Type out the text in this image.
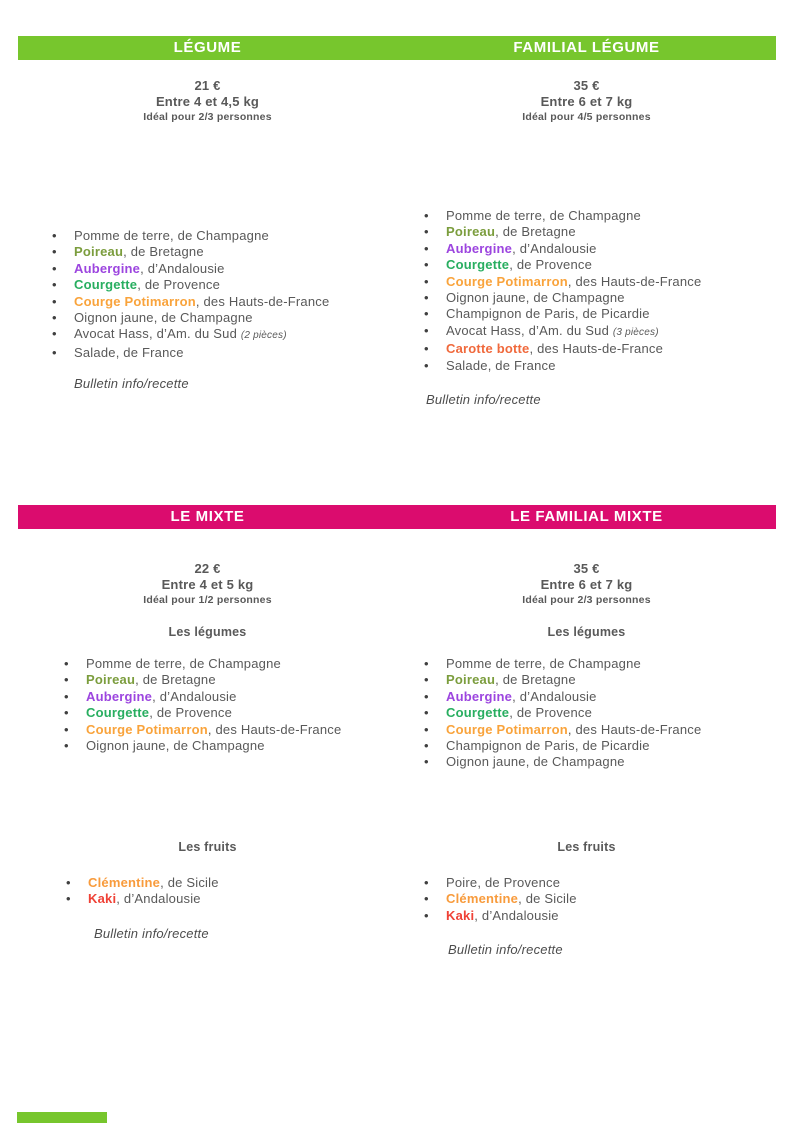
LÉGUME	FAMILIAL LÉGUME
21 €
Entre 4 et 4,5 kg
Idéal pour 2/3 personnes
35 €
Entre 6 et 7 kg
Idéal pour 4/5 personnes
•	Pomme de terre, de Champagne
•	Poireau, de Bretagne
•	Aubergine, d’Andalousie
•	Courgette, de Provence
•	Courge Potimarron, des Hauts-de-France
•	Oignon jaune, de Champagne
•	Avocat Hass, d’Am. du Sud (2 pièces)
•	Salade, de France
•	Pomme de terre, de Champagne
•	Poireau, de Bretagne
•	Aubergine, d’Andalousie
•	Courgette, de Provence
•	Courge Potimarron, des Hauts-de-France
•	Oignon jaune, de Champagne
•	Champignon de Paris, de Picardie
•	Avocat Hass, d’Am. du Sud (3 pièces)
•	Carotte botte, des Hauts-de-France
•	Salade, de France
Bulletin info/recette
Bulletin info/recette
LE MIXTE	LE FAMILIAL MIXTE
22 €
Entre 4 et 5 kg
Idéal pour 1/2 personnes
35 €
Entre 6 et 7 kg
Idéal pour 2/3 personnes
Les légumes	Les légumes
•	Pomme de terre, de Champagne
•	Poireau, de Bretagne
•	Aubergine, d’Andalousie
•	Courgette, de Provence
•	Courge Potimarron, des Hauts-de-France
•	Oignon jaune, de Champagne
•	Pomme de terre, de Champagne
•	Poireau, de Bretagne
•	Aubergine, d’Andalousie
•	Courgette, de Provence
•	Courge Potimarron, des Hauts-de-France
•	Champignon de Paris, de Picardie
•	Oignon jaune, de Champagne
Les fruits	Les fruits
•	Clémentine, de Sicile
•	Kaki, d’Andalousie
•	Poire, de Provence
•	Clémentine, de Sicile
•	Kaki, d’Andalousie
Bulletin info/recette
Bulletin info/recette
